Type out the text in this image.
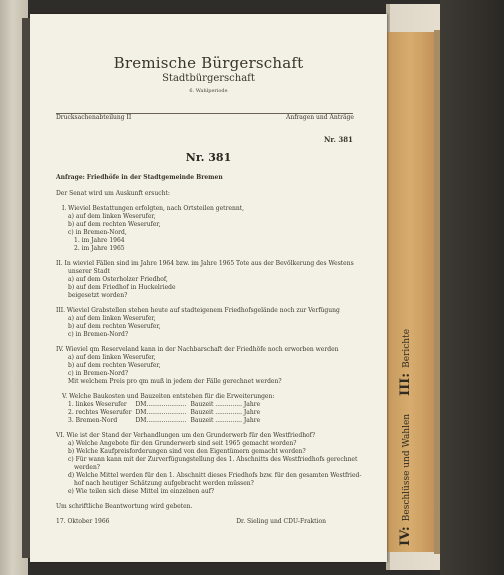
III: Berichte
IV: Beschlüsse und Wahlen
Bremische Bürgerschaft
Stadtbürgerschaft
6. Wahlperiode
Drucksachenabteilung II	Anfragen und Anträge
Nr. 381
Nr. 381
Anfrage: Friedhöfe in der Stadtgemeinde Bremen

Der Senat wird um Auskunft ersucht:

I. Wieviel Bestattungen erfolgten, nach Ortsteilen getrennt,

a) auf dem linken Weserufer,

b) auf dem rechten Weserufer,

c) in Bremen-Nord,

1. im Jahre 1964

2. im Jahre 1965

II. In wieviel Fällen sind im Jahre 1964 bzw. im Jahre 1965 Tote aus der Bevölkerung des Westens

unserer Stadt

a) auf dem Osterholzer Friedhof,

b) auf dem Friedhof in Huckelriede

beigesetzt worden?

III. Wieviel Grabstellen stehen heute auf stadteigenem Friedhofsgelände noch zur Verfügung

a) auf dem linken Weserufer,

b) auf dem rechten Weserufer,

c) in Bremen-Nord?

IV. Wieviel qm Reserveland kann in der Nachbarschaft der Friedhöfe noch erworben werden

a) auf dem linken Weserufer,

b) auf dem rechten Weserufer,

c) in Bremen-Nord?

Mit welchem Preis pro qm muß in jedem der Fälle gerechnet werden?

V. Welche Baukosten und Bauzeiten entstehen für die Erweiterungen:

1. linkes Weserufer	DM.....................	Bauzeit .............. Jahre
2. rechtes Weserufer	DM.....................	Bauzeit .............. Jahre
3. Bremen-Nord	DM.....................	Bauzeit .............. Jahre

VI. Wie ist der Stand der Verhandlungen um den Grunderwerb für den Westfriedhof?

a) Welche Angebote für den Grunderwerb sind seit 1965 gemacht worden?

b) Welche Kaufpreisforderungen sind von den Eigentümern gemacht worden?

c) Für wann kann mit der Zurverfügungstellung des 1. Abschnitts des Westfriedhofs gerechnet

werden?

d) Welche Mittel werden für den 1. Abschnitt dieses Friedhofs bzw. für den gesamten Westfried-

hof nach heutiger Schätzung aufgebracht werden müssen?

e) Wie teilen sich diese Mittel im einzelnen auf?

Um schriftliche Beantwortung wird gebeten.

17. Oktober 1966	Dr. Sieling und CDU-Fraktion
